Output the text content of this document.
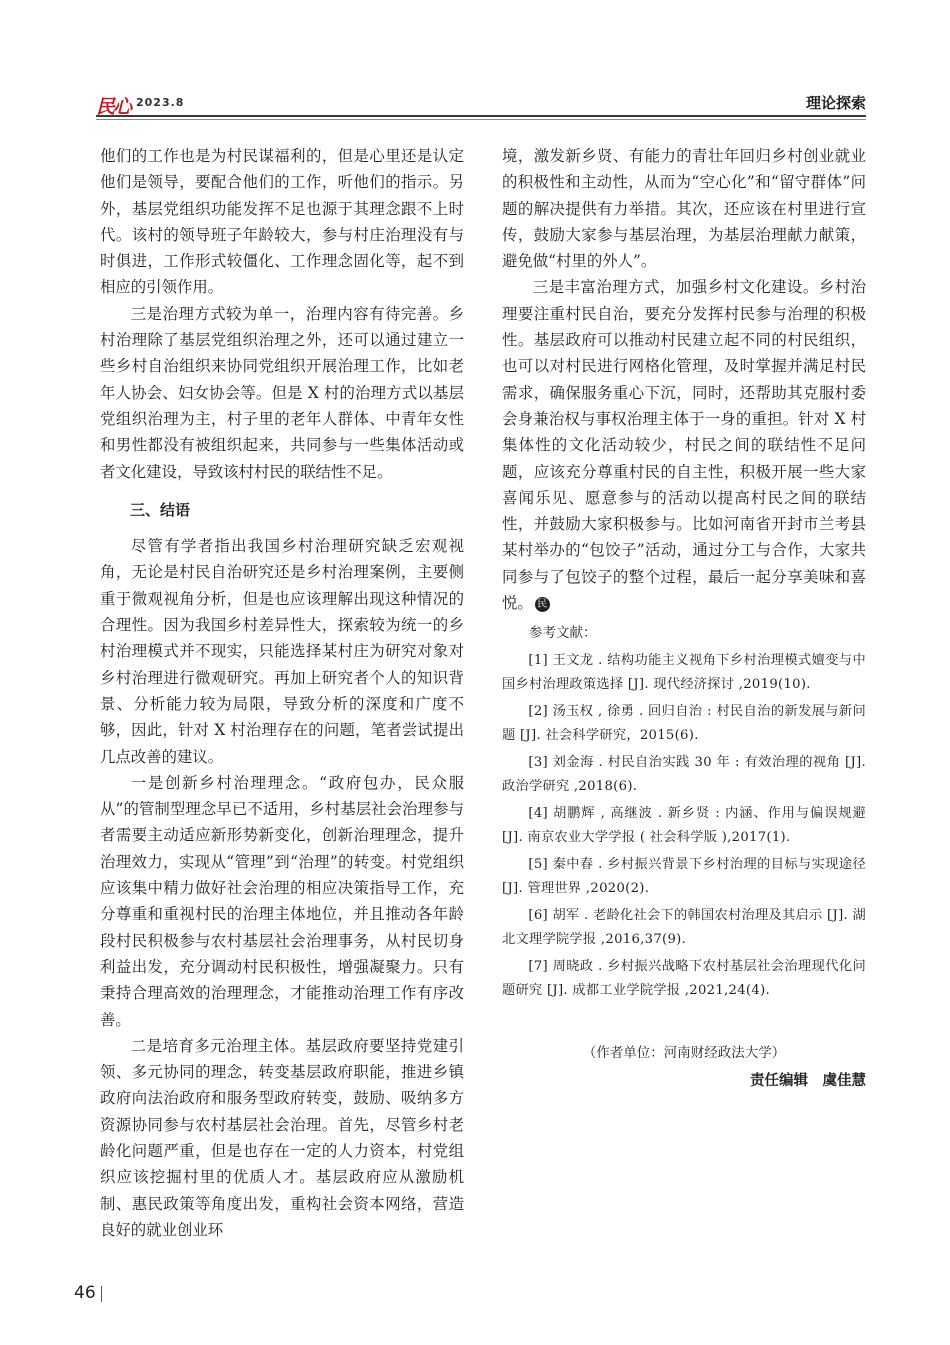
民心 2023.8	理论探索

他们的工作也是为村民谋福利的，但是心里还是认定他们是领导，要配合他们的工作，听他们的指示。另外，基层党组织功能发挥不足也源于其理念跟不上时代。该村的领导班子年龄较大，参与村庄治理没有与时俱进，工作形式较僵化、工作理念固化等，起不到相应的引领作用。

三是治理方式较为单一，治理内容有待完善。乡村治理除了基层党组织治理之外，还可以通过建立一些乡村自治组织来协同党组织开展治理工作，比如老年人协会、妇女协会等。但是 X 村的治理方式以基层党组织治理为主，村子里的老年人群体、中青年女性和男性都没有被组织起来，共同参与一些集体活动或者文化建设，导致该村村民的联结性不足。

三、结语

尽管有学者指出我国乡村治理研究缺乏宏观视角，无论是村民自治研究还是乡村治理案例，主要侧重于微观视角分析，但是也应该理解出现这种情况的合理性。因为我国乡村差异性大，探索较为统一的乡村治理模式并不现实，只能选择某村庄为研究对象对乡村治理进行微观研究。再加上研究者个人的知识背景、分析能力较为局限，导致分析的深度和广度不够，因此，针对 X 村治理存在的问题，笔者尝试提出几点改善的建议。

一是创新乡村治理理念。“政府包办，民众服从”的管制型理念早已不适用，乡村基层社会治理参与者需要主动适应新形势新变化，创新治理理念，提升治理效力，实现从“管理”到“治理”的转变。村党组织应该集中精力做好社会治理的相应决策指导工作，充分尊重和重视村民的治理主体地位，并且推动各年龄段村民积极参与农村基层社会治理事务，从村民切身利益出发，充分调动村民积极性，增强凝聚力。只有秉持合理高效的治理理念，才能推动治理工作有序改善。

二是培育多元治理主体。基层政府要坚持党建引领、多元协同的理念，转变基层政府职能，推进乡镇政府向法治政府和服务型政府转变，鼓励、吸纳多方资源协同参与农村基层社会治理。首先，尽管乡村老龄化问题严重，但是也存在一定的人力资本，村党组织应该挖掘村里的优质人才。基层政府应从激励机制、惠民政策等角度出发，重构社会资本网络，营造良好的就业创业环

境，激发新乡贤、有能力的青壮年回归乡村创业就业的积极性和主动性，从而为“空心化”和“留守群体”问题的解决提供有力举措。其次，还应该在村里进行宣传，鼓励大家参与基层治理，为基层治理献力献策，避免做“村里的外人”。

三是丰富治理方式，加强乡村文化建设。乡村治理要注重村民自治，要充分发挥村民参与治理的积极性。基层政府可以推动村民建立起不同的村民组织，也可以对村民进行网格化管理，及时掌握并满足村民需求，确保服务重心下沉，同时，还帮助其克服村委会身兼治权与事权治理主体于一身的重担。针对 X 村集体性的文化活动较少，村民之间的联结性不足问题，应该充分尊重村民的自主性，积极开展一些大家喜闻乐见、愿意参与的活动以提高村民之间的联结性，并鼓励大家积极参与。比如河南省开封市兰考县某村举办的“包饺子”活动，通过分工与合作，大家共同参与了包饺子的整个过程，最后一起分享美味和喜悦。 民

参考文献：

[1] 王文龙 . 结构功能主义视角下乡村治理模式嬗变与中国乡村治理政策选择 [J]. 现代经济探讨 ,2019(10).

[2] 汤玉权 , 徐勇 . 回归自治 : 村民自治的新发展与新问题 [J]. 社会科学研究，2015(6).

[3] 刘金海 . 村民自治实践 30 年 : 有效治理的视角 [J]. 政治学研究 ,2018(6).

[4] 胡鹏辉 , 高继波 . 新乡贤 : 内涵、作用与偏误规避 [J]. 南京农业大学学报 ( 社会科学版 ),2017(1).

[5] 秦中春 . 乡村振兴背景下乡村治理的目标与实现途径 [J]. 管理世界 ,2020(2).

[6] 胡军 . 老龄化社会下的韩国农村治理及其启示 [J]. 湖北文理学院学报 ,2016,37(9).

[7] 周晓政 . 乡村振兴战略下农村基层社会治理现代化问题研究 [J]. 成都工业学院学报 ,2021,24(4).

（作者单位：河南财经政法大学）

责任编辑　虞佳慧

46
